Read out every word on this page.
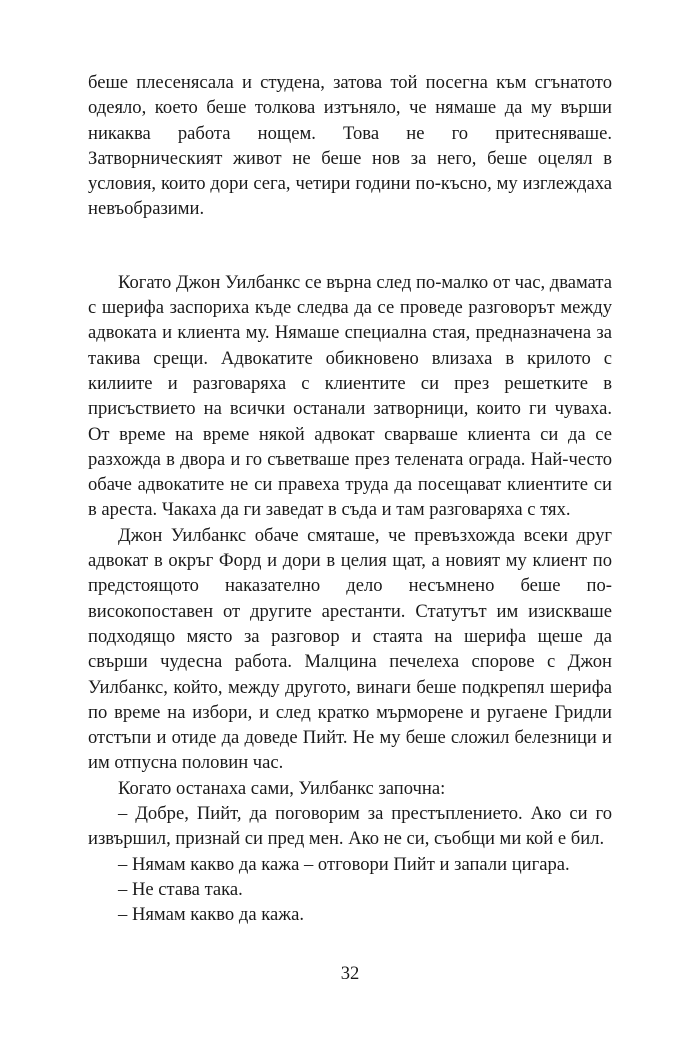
беше плесенясала и студена, затова той посегна към сгънатото одеяло, което беше толкова изтъняло, че нямаше да му върши никаква работа нощем. Това не го притесняваше. Затворническият живот не беше нов за него, беше оцелял в условия, които дори сега, четири години по-късно, му изглеждаха невъобразими.

Когато Джон Уилбанкс се върна след по-малко от час, двамата с шерифа заспориха къде следва да се проведе разговорът между адвоката и клиента му. Нямаше специална стая, предназначена за такива срещи. Адвокатите обикновено влизаха в крилото с килиите и разговаряха с клиентите си през решетките в присъствието на всички останали затворници, които ги чуваха. От време на време някой адвокат сварваше клиента си да се разхожда в двора и го съветваше през телената ограда. Най-често обаче адвокатите не си правеха труда да посещават клиентите си в ареста. Чакаха да ги заведат в съда и там разговаряха с тях.

Джон Уилбанкс обаче смяташе, че превъзхожда всеки друг адвокат в окръг Форд и дори в целия щат, а новият му клиент по предстоящото наказателно дело несъмнено беше по-високопоставен от другите арестанти. Статутът им изискваше подходящо място за разговор и стаята на шерифа щеше да свърши чудесна работа. Малцина печелеха спорове с Джон Уилбанкс, който, между другото, винаги беше подкрепял шерифа по време на избори, и след кратко мърморене и ругаене Гридли отстъпи и отиде да доведе Пийт. Не му беше сложил белезници и им отпусна половин час.

Когато останаха сами, Уилбанкс започна:

– Добре, Пийт, да поговорим за престъплението. Ако си го извършил, признай си пред мен. Ако не си, съобщи ми кой е бил.

– Нямам какво да кажа – отговори Пийт и запали цигара.

– Не става така.

– Нямам какво да кажа.

32
